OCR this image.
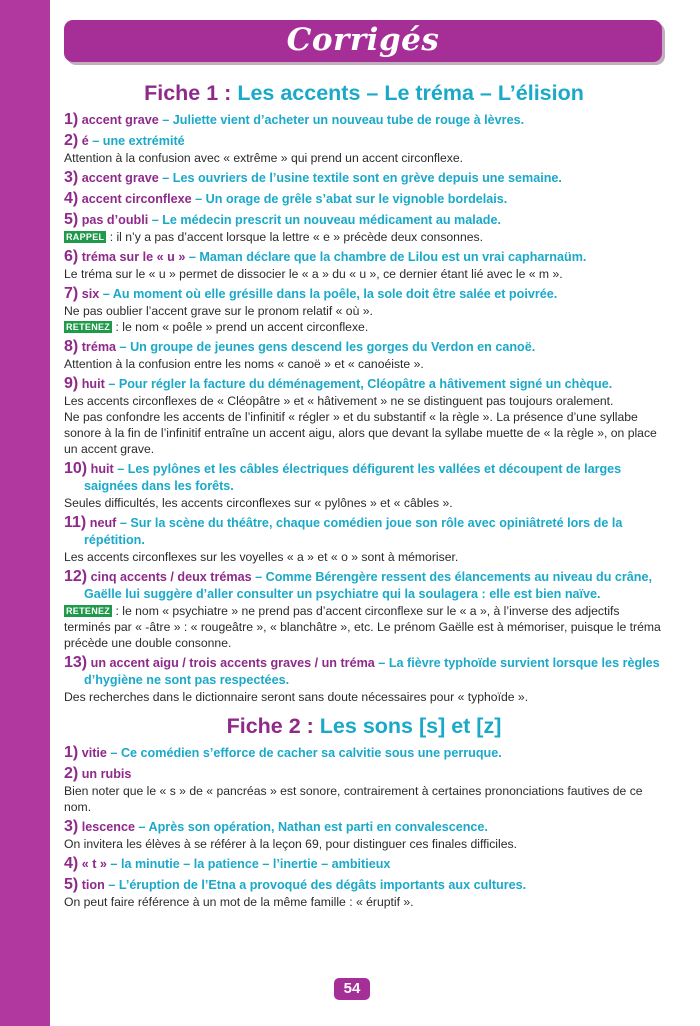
Corrigés
Fiche 1 : Les accents – Le tréma – L’élision
1) accent grave – Juliette vient d’acheter un nouveau tube de rouge à lèvres.
2) é – une extrémité
Attention à la confusion avec « extrême » qui prend un accent circonflexe.
3) accent grave – Les ouvriers de l’usine textile sont en grève depuis une semaine.
4) accent circonflexe – Un orage de grêle s’abat sur le vignoble bordelais.
5) pas d’oubli – Le médecin prescrit un nouveau médicament au malade.
RAPPEL : il n’y a pas d’accent lorsque la lettre « e » précède deux consonnes.
6) tréma sur le « u » – Maman déclare que la chambre de Lilou est un vrai capharnaüm.
Le tréma sur le « u » permet de dissocier le « a » du « u », ce dernier étant lié avec le « m ».
7) six – Au moment où elle grésille dans la poêle, la sole doit être salée et poivrée.
Ne pas oublier l’accent grave sur le pronom relatif « où ».
RETENEZ : le nom « poêle » prend un accent circonflexe.
8) tréma – Un groupe de jeunes gens descend les gorges du Verdon en canoë.
Attention à la confusion entre les noms « canoë » et « canoéiste ».
9) huit – Pour régler la facture du déménagement, Cléopâtre a hâtivement signé un chèque.
Les accents circonflexes de « Cléopâtre » et « hâtivement » ne se distinguent pas toujours oralement.
Ne pas confondre les accents de l’infinitif « régler » et du substantif « la règle ». La présence d’une syllabe sonore à la fin de l’infinitif entraîne un accent aigu, alors que devant la syllabe muette de « la règle », on place un accent grave.
10) huit – Les pylônes et les câbles électriques défigurent les vallées et découpent de larges saignées dans les forêts.
Seules difficultés, les accents circonflexes sur « pylônes » et « câbles ».
11) neuf – Sur la scène du théâtre, chaque comédien joue son rôle avec opiniâtreté lors de la répétition.
Les accents circonflexes sur les voyelles « a » et « o » sont à mémoriser.
12) cinq accents / deux trémas – Comme Bérengère ressent des élancements au niveau du crâne, Gaëlle lui suggère d’aller consulter un psychiatre qui la soulagera : elle est bien naïve.
RETENEZ : le nom « psychiatre » ne prend pas d’accent circonflexe sur le « a », à l’inverse des adjectifs terminés par « -âtre » : « rougeâtre », « blanchâtre », etc. Le prénom Gaëlle est à mémoriser, puisque le tréma précède une double consonne.
13) un accent aigu / trois accents graves / un tréma – La fièvre typhoïde survient lorsque les règles d’hygiène ne sont pas respectées.
Des recherches dans le dictionnaire seront sans doute nécessaires pour « typhoïde ».
Fiche 2 : Les sons [s] et [z]
1) vitie – Ce comédien s’efforce de cacher sa calvitie sous une perruque.
2) un rubis
Bien noter que le « s » de « pancréas » est sonore, contrairement à certaines prononciations fautives de ce nom.
3) lescence – Après son opération, Nathan est parti en convalescence.
On invitera les élèves à se référer à la leçon 69, pour distinguer ces finales difficiles.
4) « t » – la minutie – la patience – l’inertie – ambitieux
5) tion – L’éruption de l’Etna a provoqué des dégâts importants aux cultures.
On peut faire référence à un mot de la même famille : « éruptif ».
54
